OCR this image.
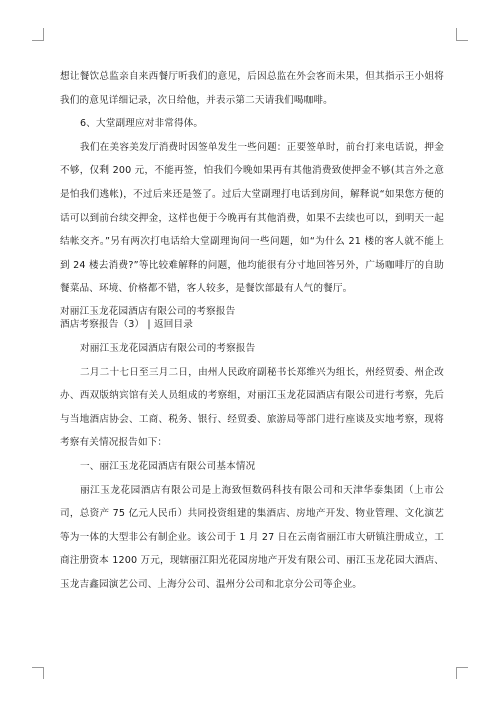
想让餐饮总监亲自来西餐厅听我们的意见，后因总监在外会客而未果，但其指示王小姐将我们的意见详细记录，次日给他，并表示第二天请我们喝咖啡。

6、大堂副理应对非常得体。

我们在美容美发厅消费时因签单发生一些问题：正要签单时，前台打来电话说，押金不够，仅剩 200 元，不能再签，怕我们今晚如果再有其他消费致使押金不够(其言外之意是怕我们逃帐)，不过后来还是签了。过后大堂副理打电话到房间，解释说“如果您方便的话可以到前台续交押金，这样也便于今晚再有其他消费，如果不去续也可以，到明天一起结帐交齐。”另有两次打电话给大堂副理询问一些问题，如“为什么 21 楼的客人就不能上到 24 楼去消费?”等比较难解释的问题，他均能很有分寸地回答另外，广场咖啡厅的自助餐菜品、环境、价格都不错，客人较多，是餐饮部最有人气的餐厅。

对丽江玉龙花园酒店有限公司的考察报告

酒店考察报告（3） | 返回目录

对丽江玉龙花园酒店有限公司的考察报告

二月二十七日至三月二日，由州人民政府副秘书长郑维兴为组长，州经贸委、州企改办、西双版纳宾馆有关人员组成的考察组，对丽江玉龙花园酒店有限公司进行考察，先后与当地酒店协会、工商、税务、银行、经贸委、旅游局等部门进行座谈及实地考察，现将考察有关情况报告如下：

一、丽江玉龙花园酒店有限公司基本情况

丽江玉龙花园酒店有限公司是上海致恒数码科技有限公司和天津华泰集团（上市公司，总资产 75 亿元人民币）共同投资组建的集酒店、房地产开发、物业管理、文化演艺等为一体的大型非公有制企业。该公司于 1 月 27 日在云南省丽江市大研镇注册成立，工商注册资本 1200 万元，现辖丽江阳光花园房地产开发有限公司、丽江玉龙花园大酒店、玉龙吉鑫园演艺公司、上海分公司、温州分公司和北京分公司等企业。
